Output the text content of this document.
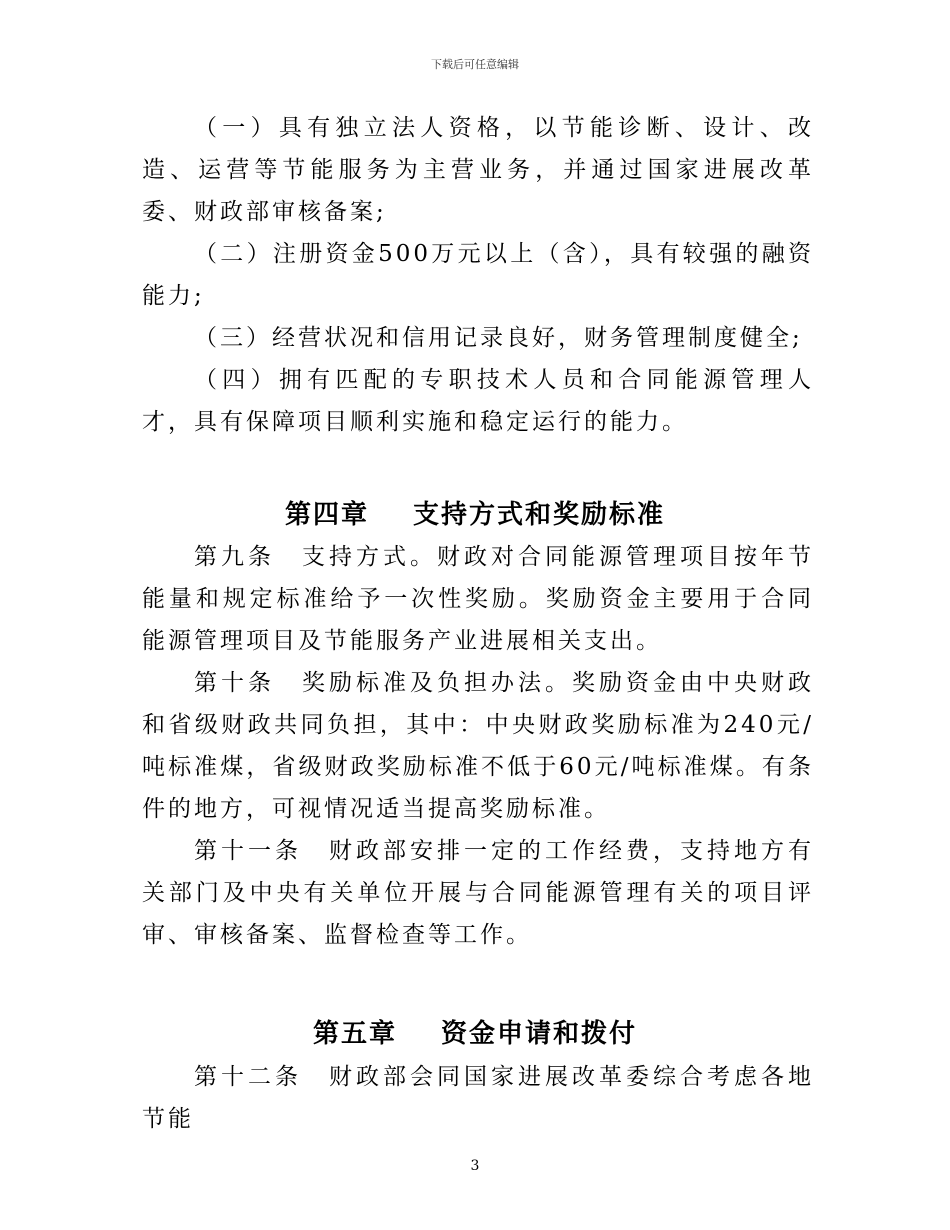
下载后可任意编辑

（一）具有独立法人资格，以节能诊断、设计、改造、运营等节能服务为主营业务，并通过国家进展改革委、财政部审核备案;

（二）注册资金500万元以上（含），具有较强的融资能力;

（三）经营状况和信用记录良好，财务管理制度健全;

（四）拥有匹配的专职技术人员和合同能源管理人才，具有保障项目顺利实施和稳定运行的能力。

第四章 支持方式和奖励标准

第九条　支持方式。财政对合同能源管理项目按年节能量和规定标准给予一次性奖励。奖励资金主要用于合同能源管理项目及节能服务产业进展相关支出。

第十条　奖励标准及负担办法。奖励资金由中央财政和省级财政共同负担，其中：中央财政奖励标准为240元/吨标准煤，省级财政奖励标准不低于60元/吨标准煤。有条件的地方，可视情况适当提高奖励标准。

第十一条　财政部安排一定的工作经费，支持地方有关部门及中央有关单位开展与合同能源管理有关的项目评审、审核备案、监督检查等工作。

第五章 资金申请和拨付

第十二条　财政部会同国家进展改革委综合考虑各地节能

3
